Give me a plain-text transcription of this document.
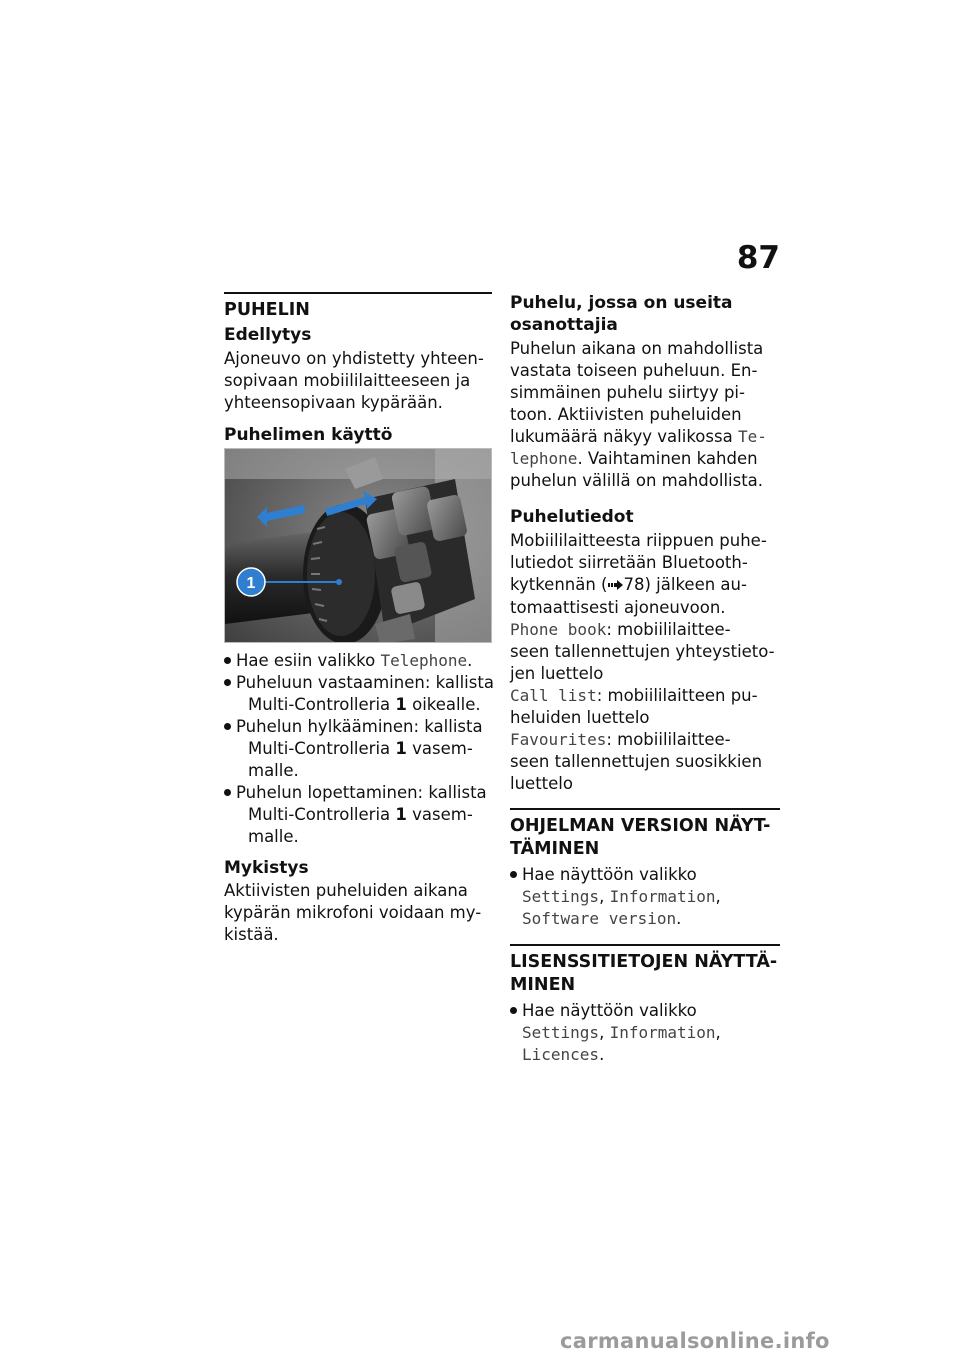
87
PUHELIN
Edellytys
Ajoneuvo on yhdistetty yhteen-
sopivaan mobiililaitteeseen ja
yhteensopivaan kypärään.
Puhelimen käyttö
1
Hae esiin valikko Telephone.
Puheluun vastaaminen: kallista
Multi-Controlleria 1 oikealle.
Puhelun hylkääminen: kallista
Multi-Controlleria 1 vasem-
malle.
Puhelun lopettaminen: kallista
Multi-Controlleria 1 vasem-
malle.
Mykistys
Aktiivisten puheluiden aikana
kypärän mikrofoni voidaan my-
kistää.
Puhelu, jossa on useita
osanottajia
Puhelun aikana on mahdollista
vastata toiseen puheluun. En-
simmäinen puhelu siirtyy pi-
toon. Aktiivisten puheluiden
lukumäärä näkyy valikossa Te-
lephone. Vaihtaminen kahden
puhelun välillä on mahdollista.
Puhelutiedot
Mobiililaitteesta riippuen puhe-
lutiedot siirretään Bluetooth-
kytkennän ( 78) jälkeen au-
tomaattisesti ajoneuvoon.
Phone book: mobiililaittee-
seen tallennettujen yhteystieto-
jen luettelo
Call list: mobiililaitteen pu-
heluiden luettelo
Favourites: mobiililaittee-
seen tallennettujen suosikkien
luettelo
OHJELMAN VERSION NÄYT-
TÄMINEN
Hae näyttöön valikko
Settings, Information,
Software version.
LISENSSITIETOJEN NÄYTTÄ-
MINEN
Hae näyttöön valikko
Settings, Information,
Licences.
carmanualsonline.info
